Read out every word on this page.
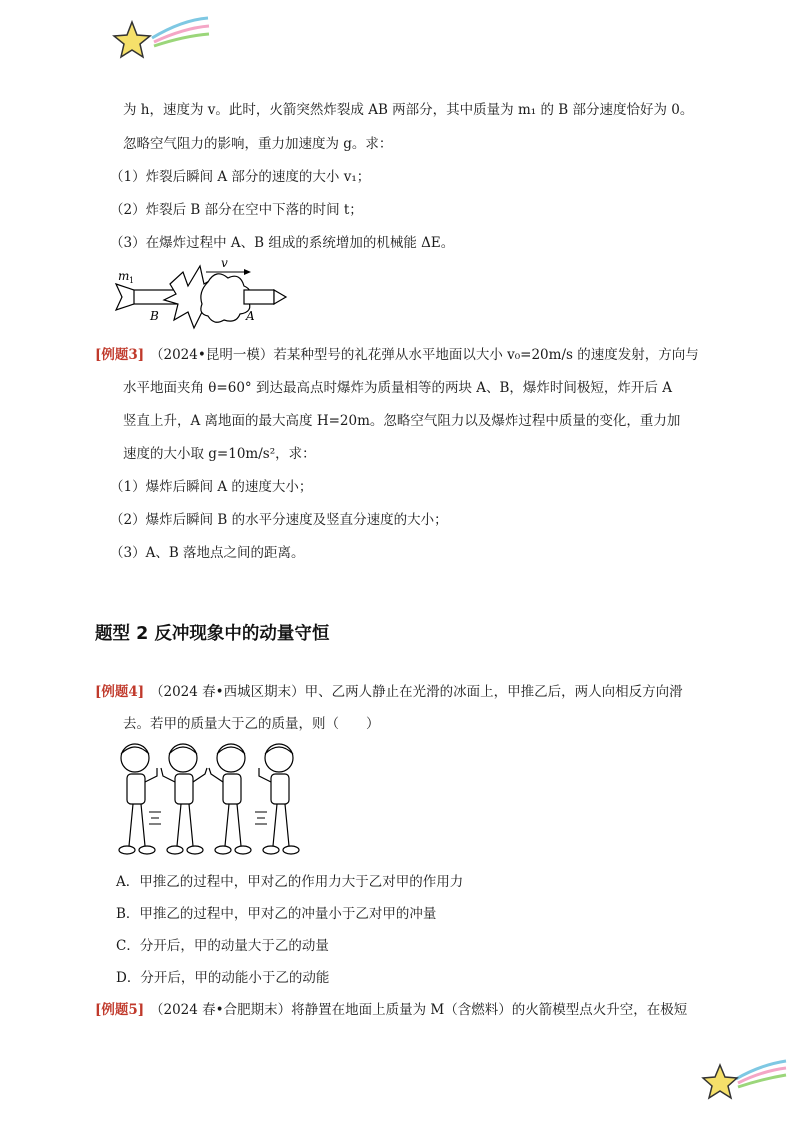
为 h，速度为 v。此时，火箭突然炸裂成 AB 两部分，其中质量为 m₁ 的 B 部分速度恰好为 0。
忽略空气阻力的影响，重力加速度为 g。求：
（1）炸裂后瞬间 A 部分的速度的大小 v₁；
（2）炸裂后 B 部分在空中下落的时间 t；
（3）在爆炸过程中 A、B 组成的系统增加的机械能 ΔE。
v
m 1
B	A
[例题3] （2024•昆明一模）若某种型号的礼花弹从水平地面以大小 v₀=20m/s 的速度发射，方向与
水平地面夹角 θ=60° 到达最高点时爆炸为质量相等的两块 A、B，爆炸时间极短，炸开后 A
竖直上升，A 离地面的最大高度 H=20m。忽略空气阻力以及爆炸过程中质量的变化，重力加
速度的大小取 g=10m/s²，求：
（1）爆炸后瞬间 A 的速度大小；
（2）爆炸后瞬间 B 的水平分速度及竖直分速度的大小；
（3）A、B 落地点之间的距离。
题型 2 反冲现象中的动量守恒
[例题4] （2024 春•西城区期末）甲、乙两人静止在光滑的冰面上，甲推乙后，两人向相反方向滑
去。若甲的质量大于乙的质量，则（　　）
A．甲推乙的过程中，甲对乙的作用力大于乙对甲的作用力
B．甲推乙的过程中，甲对乙的冲量小于乙对甲的冲量
C．分开后，甲的动量大于乙的动量
D．分开后，甲的动能小于乙的动能
[例题5] （2024 春•合肥期末）将静置在地面上质量为 M（含燃料）的火箭模型点火升空，在极短
